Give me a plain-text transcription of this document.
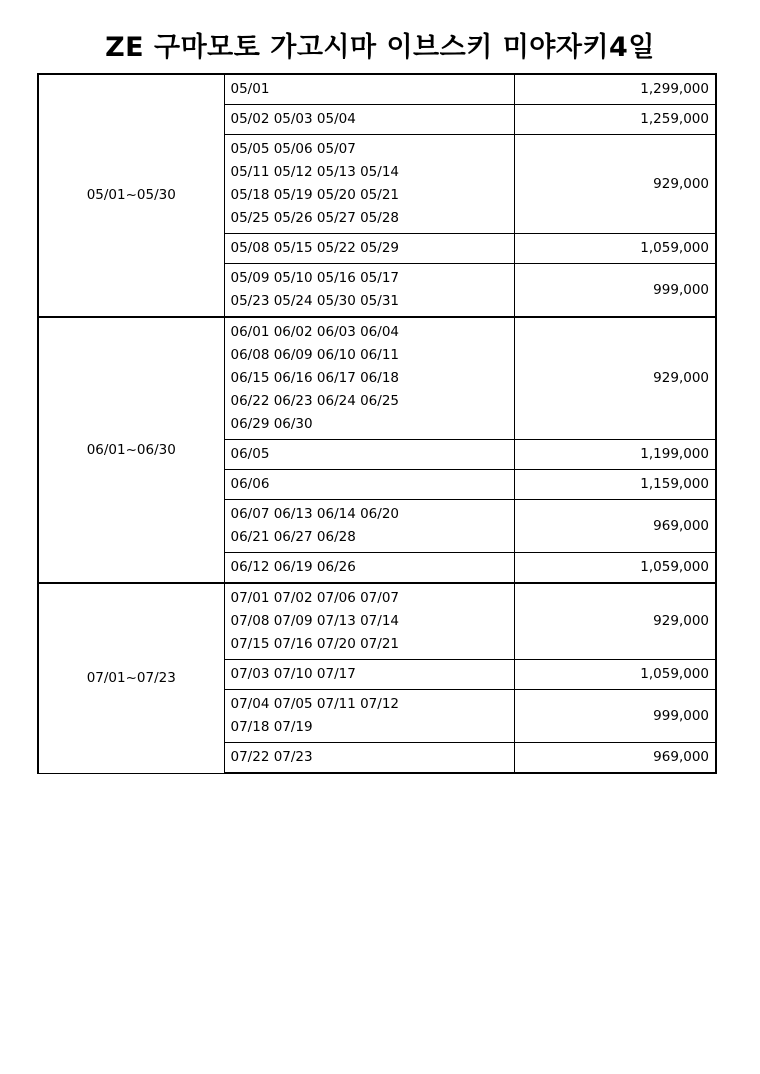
ZE 구마모토 가고시마 이브스키 미야자키4일
05/01~05/30	05/01	1,299,000

	05/02 05/03 05/04	1,259,000

	05/05 05/06 05/07
05/11 05/12 05/13 05/14
05/18 05/19 05/20 05/21
05/25 05/26 05/27 05/28	929,000

	05/08 05/15 05/22 05/29	1,059,000

	05/09 05/10 05/16 05/17
05/23 05/24 05/30 05/31	999,000
06/01~06/30	06/01 06/02 06/03 06/04
06/08 06/09 06/10 06/11
06/15 06/16 06/17 06/18
06/22 06/23 06/24 06/25
06/29 06/30	929,000

	06/05	1,199,000

	06/06	1,159,000

	06/07 06/13 06/14 06/20
06/21 06/27 06/28	969,000

	06/12 06/19 06/26	1,059,000
07/01~07/23	07/01 07/02 07/06 07/07
07/08 07/09 07/13 07/14
07/15 07/16 07/20 07/21	929,000

	07/03 07/10 07/17	1,059,000

	07/04 07/05 07/11 07/12
07/18 07/19	999,000

	07/22 07/23	969,000
